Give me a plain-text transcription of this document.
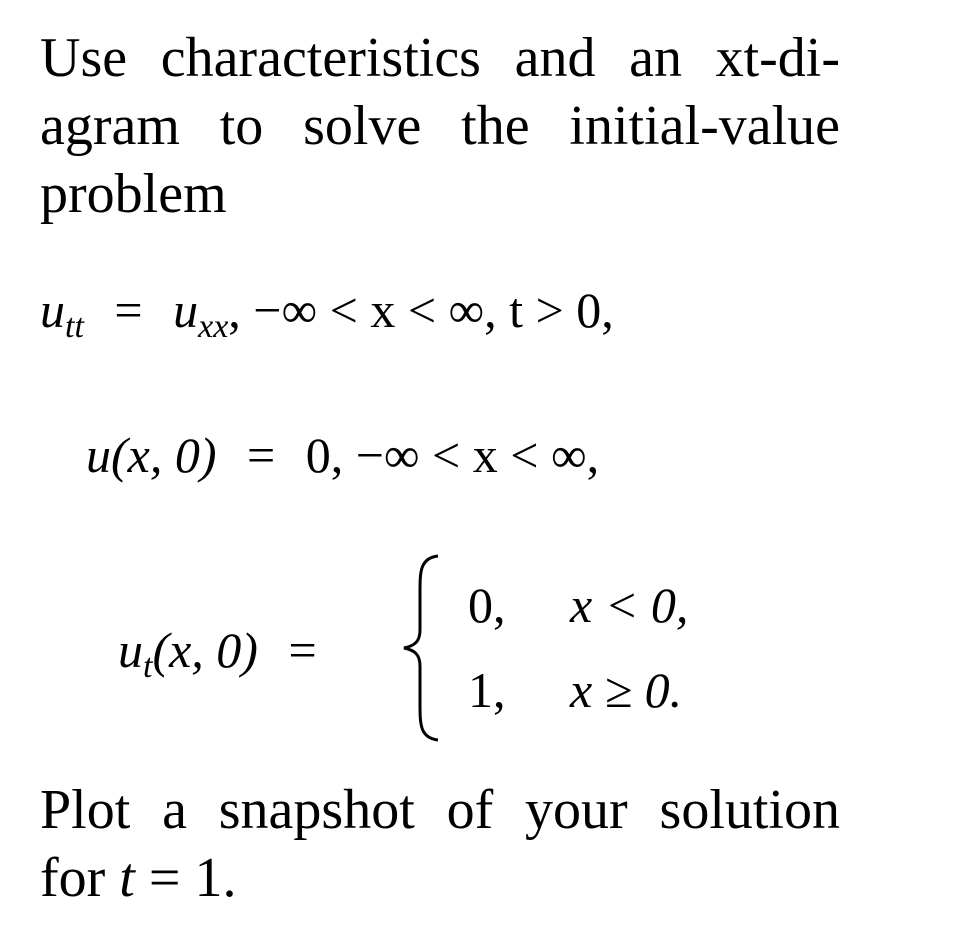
Use characteristics and an xt-di-
agram to solve the initial-value
problem
$u_{tt} = u_{xx}$, −∞ < x < ∞, t > 0,
u(x, 0) = 0, −∞ < x < ∞,
$u_t(x$, 0) =
0, x < 0,
1, x ≥ 0.
Plot a snapshot of your solution
for t = 1.
